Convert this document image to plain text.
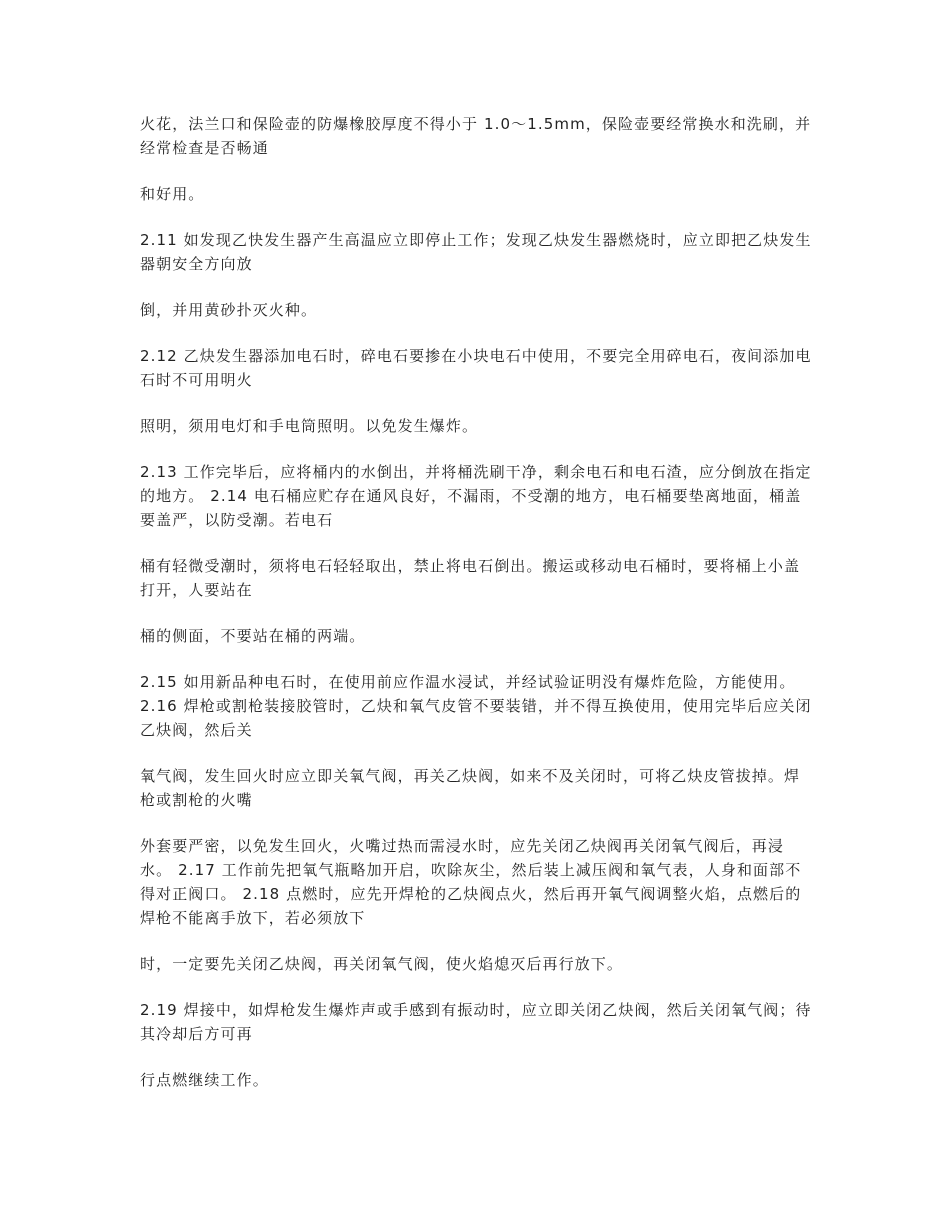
火花，法兰口和保险壶的防爆橡胶厚度不得小于 1.0～1.5mm，保险壶要经常换水和洗刷，并经常检查是否畅通

和好用。

2.11 如发现乙快发生器产生高温应立即停止工作；发现乙炔发生器燃烧时，应立即把乙炔发生器朝安全方向放

倒，并用黄砂扑灭火种。

2.12 乙炔发生器添加电石时，碎电石要掺在小块电石中使用，不要完全用碎电石，夜间添加电石时不可用明火

照明，须用电灯和手电筒照明。以免发生爆炸。

2.13 工作完毕后，应将桶内的水倒出，并将桶洗刷干净，剩余电石和电石渣，应分倒放在指定的地方。 2.14 电石桶应贮存在通风良好，不漏雨，不受潮的地方，电石桶要垫离地面，桶盖要盖严，以防受潮。若电石

桶有轻微受潮时，须将电石轻轻取出，禁止将电石倒出。搬运或移动电石桶时，要将桶上小盖打开，人要站在

桶的侧面，不要站在桶的两端。

2.15 如用新品种电石时，在使用前应作温水浸试，并经试验证明没有爆炸危险，方能使用。 2.16 焊枪或割枪装接胶管时，乙炔和氧气皮管不要装错，并不得互换使用，使用完毕后应关闭乙炔阀，然后关

氧气阀，发生回火时应立即关氧气阀，再关乙炔阀，如来不及关闭时，可将乙炔皮管拔掉。焊枪或割枪的火嘴

外套要严密，以免发生回火，火嘴过热而需浸水时，应先关闭乙炔阀再关闭氧气阀后，再浸水。 2.17 工作前先把氧气瓶略加开启，吹除灰尘，然后装上减压阀和氧气表，人身和面部不得对正阀口。 2.18 点燃时，应先开焊枪的乙炔阀点火，然后再开氧气阀调整火焰，点燃后的焊枪不能离手放下，若必须放下

时，一定要先关闭乙炔阀，再关闭氧气阀，使火焰熄灭后再行放下。

2.19 焊接中，如焊枪发生爆炸声或手感到有振动时，应立即关闭乙炔阀，然后关闭氧气阀；待其冷却后方可再

行点燃继续工作。
